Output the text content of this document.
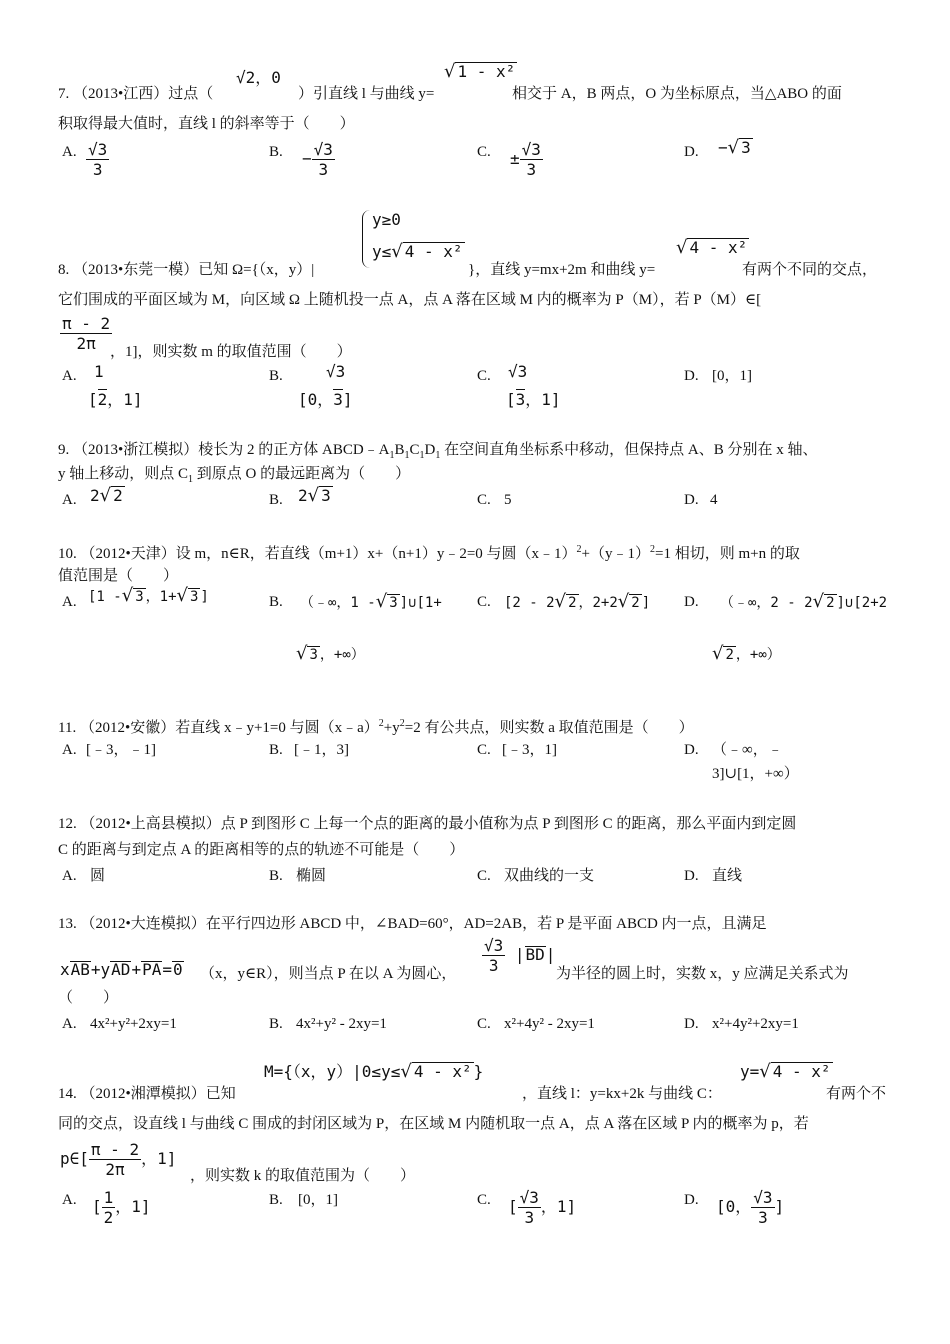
7. （2013•江西）过点（
√2，0
）引直线 l 与曲线 y=
√ 1 - x²
相交于 A，B 两点，O 为坐标原点，当△ABO 的面
积取得最大值时，直线 l 的斜率等于（　　）
A. $\frac{√3}{3}$	B. − $\frac{√3}{3}$	C. ± $\frac{√3}{3}$	D. −√ 3
y≥0
y≤√ 4 - x²
8. （2013•东莞一模）已知 Ω={（x，y）|	}，直线 y=mx+2m 和曲线 y=
√ 4 - x²
有两个不同的交点，
它们围成的平面区域为 M，向区域 Ω 上随机投一点 A，点 A 落在区域 M 内的概率为 P（M），若 P（M）∈[
$\frac{\pi - 2}{2\pi}$
，1]，则实数 m 的取值范围（　　）
A. 1
[2，1]
B.	√3
[0，3]
C. √3
[3，1]
D. [0，1]
9. （2013•浙江模拟）棱长为 2 的正方体 $ABCD﹣A_1B_1C_1D_1$ 在空间直角坐标系中移动，但保持点 A、B 分别在 x 轴、
y 轴上移动，则点 $C_1$ 到原点 O 的最远距离为（　　）
A. 2√ 2	B. 2√ 3	C. 5	D. 4
10. （2012•天津）设 m，n∈R，若直线（m+1）x+（n+1）y﹣2=0 与圆（x﹣1）$^2$+（y﹣1）$^2$=1 相切，则 m+n 的取
值范围是（　　）
A. [1 -√ 3 ，1+√ 3 ]	B. （﹣∞，1 -√ 3 ]∪[1+
√ 3 ，+∞）
C. [2 - 2√ 2 ，2+2√ 2 ] D. （﹣∞，2 - 2√ 2 ]∪[2+2
√ 2 ，+∞）
11. （2012•安徽）若直线 x﹣y+1=0 与圆$(x﹣a)^2+y^2=2$ 有公共点，则实数 a 取值范围是（　　）
A. [﹣3，﹣1]	B. [﹣1，3]	C. [﹣3，1]	D. （﹣∞，﹣
3]∪[1，+∞）
12. （2012•上高县模拟）点 P 到图形 C 上每一个点的距离的最小值称为点 P 到图形 C 的距离，那么平面内到定圆
C 的距离与到定点 A 的距离相等的点的轨迹不可能是（　　）
A. 圆	B. 椭圆	C. 双曲线的一支	D. 直线
13. （2012•大连模拟）在平行四边形 ABCD 中，∠BAD=60°，AD=2AB，若 P 是平面 ABCD 内一点，且满足
xAB+yAD+PA=0 （x，y∈R），则当点 P 在以 A 为圆心， $\frac{√3}{3} |BD|$
为半径的圆上时，实数 x，y 应满足关系式为
（　　）
A. 4x²+y²+2xy=1	B. 4x²+y² - 2xy=1	C. x²+4y² - 2xy=1	D. x²+4y²+2xy=1
M={（x，y）|0≤y≤√ 4 - x² }	y=√ 4 - x²
14. （2012•湘潭模拟）已知	，直线 l：y=kx+2k 与曲线 C：	有两个不
同的交点，设直线 l 与曲线 C 围成的封闭区域为 P，在区域 M 内随机取一点 A，点 A 落在区域 P 内的概率为 p，若
p∈[ $\frac{\pi - 2}{2\pi}$ ，1]
，则实数 k 的取值范围为（　　）
A. [ $\frac{1}{2}$ ，1]	B. [0，1]	C. [ $\frac{√3}{3}$ ，1]	D. [0， $\frac{√3}{3}$ ]
